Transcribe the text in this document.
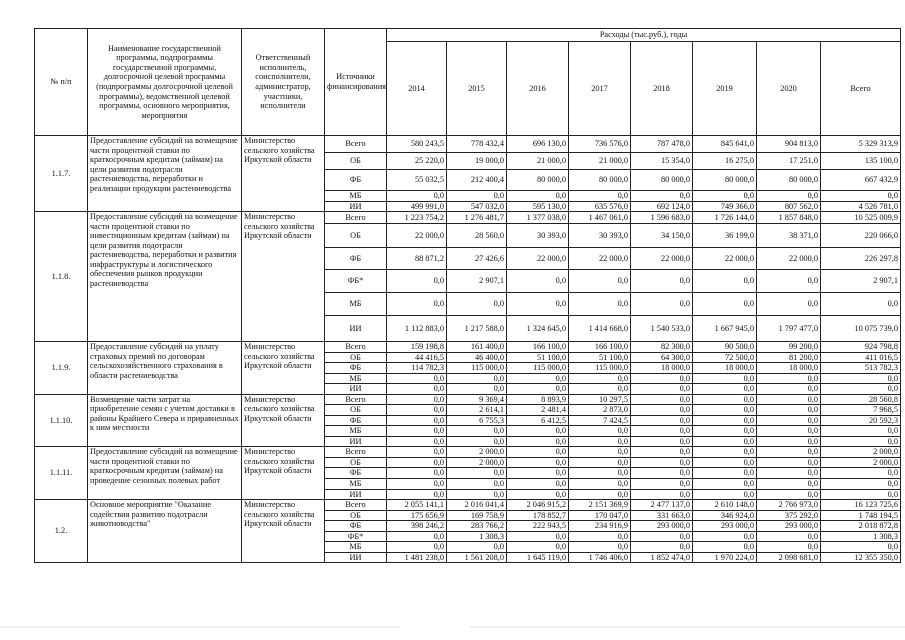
№ п/п	Наименование государственной программы, подпрограммы государственной программы, долгосрочной целевой программы (подпрограммы долгосрочной целевой программы), ведомственной целевой программы, основного мероприятия, мероприятия	Ответственный исполнитель, соисполнители, администратор, участники, исполнители	Источники финансирования	Расходы (тыс.руб.), годы							
				2014	2015	2016	2017	2018	2019	2020	Всего
1.1.7.	Предоставление субсидий на возмещение части процентной ставки по краткосрочным кредитам (займам) на цели развития подотрасли растениеводства, переработки и реализации продукции растениеводства	Министерство сельского хозяйства Иркутской области	Всего	580 243,5	778 432,4	696 130,0	736 576,0	787 478,0	845 641,0	904 813,0	5 329 313,9
			ОБ	25 220,0	19 000,0	21 000,0	21 000,0	15 354,0	16 275,0	17 251,0	135 100,0
			ФБ	55 032,5	212 400,4	80 000,0	80 000,0	80 000,0	80 000,0	80 000,0	667 432,9
			МБ	0,0	0,0	0,0	0,0	0,0	0,0	0,0	0,0
			ИИ	499 991,0	547 032,0	595 130,0	635 576,0	692 124,0	749 366,0	807 562,0	4 526 781,0
1.1.8.	Предоставление субсидий на возмещение части процентной ставки по инвестиционным кредитам (займам) на цели развития подотрасли растениеводства, переработки и развития инфраструктуры и логистического обеспечения рынков продукции растениеводства	Министерство сельского хозяйства Иркутской области	Всего	1 223 754,2	1 276 481,7	1 377 038,0	1 467 061,0	1 596 683,0	1 726 144,0	1 857 848,0	10 525 009,9
			ОБ	22 000,0	28 560,0	30 393,0	30 393,0	34 150,0	36 199,0	38 371,0	220 066,0
			ФБ	88 871,2	27 426,6	22 000,0	22 000,0	22 000,0	22 000,0	22 000,0	226 297,8
			ФБ*	0,0	2 907,1	0,0	0,0	0,0	0,0	0,0	2 907,1
			МБ	0,0	0,0	0,0	0,0	0,0	0,0	0,0	0,0
			ИИ	1 112 883,0	1 217 588,0	1 324 645,0	1 414 668,0	1 540 533,0	1 667 945,0	1 797 477,0	10 075 739,0
1.1.9.	Предоставление субсидий на уплату страховых премий по договорам сельскохозяйственного страхования в области растениеводства	Министерство сельского хозяйства Иркутской области	Всего	159 198,8	161 400,0	166 100,0	166 100,0	82 300,0	90 500,0	99 200,0	924 798,8
			ОБ	44 416,5	46 400,0	51 100,0	51 100,0	64 300,0	72 500,0	81 200,0	411 016,5
			ФБ	114 782,3	115 000,0	115 000,0	115 000,0	18 000,0	18 000,0	18 000,0	513 782,3
			МБ	0,0	0,0	0,0	0,0	0,0	0,0	0,0	0,0
			ИИ	0,0	0,0	0,0	0,0	0,0	0,0	0,0	0,0
1.1.10.	Возмещение части затрат на приобретение семян с учетом доставки в районы Крайнего Севера и приравненных к ним местности	Министерство сельского хозяйства Иркутской области	Всего	0,0	9 369,4	8 893,9	10 297,5	0,0	0,0	0,0	28 560,8
			ОБ	0,0	2 614,1	2 481,4	2 873,0	0,0	0,0	0,0	7 968,5
			ФБ	0,0	6 755,3	6 412,5	7 424,5	0,0	0,0	0,0	20 592,3
			МБ	0,0	0,0	0,0	0,0	0,0	0,0	0,0	0,0
			ИИ	0,0	0,0	0,0	0,0	0,0	0,0	0,0	0,0
1.1.11.	Предоставление субсидий на возмещение части процентной ставки по краткосрочным кредитам (займам) на проведение сезонных полевых работ	Министерство сельского хозяйства Иркутской области	Всего	0,0	2 000,0	0,0	0,0	0,0	0,0	0,0	2 000,0
			ОБ	0,0	2 000,0	0,0	0,0	0,0	0,0	0,0	2 000,0
			ФБ	0,0	0,0	0,0	0,0	0,0	0,0	0,0	0,0
			МБ	0,0	0,0	0,0	0,0	0,0	0,0	0,0	0,0
			ИИ	0,0	0,0	0,0	0,0	0,0	0,0	0,0	0,0
1.2.	Основное мероприятие "Оказание содействия развитию подотрасли животноводства"	Министерство сельского хозяйства Иркутской области	Всего	2 055 141,1	2 016 041,4	2 046 915,2	2 151 369,9	2 477 137,0	2 610 148,0	2 766 973,0	16 123 725,6
			ОБ	175 656,9	169 758,9	178 852,7	170 047,0	331 663,0	346 924,0	375 292,0	1 748 194,5
			ФБ	398 246,2	283 766,2	222 943,5	234 916,9	293 000,0	293 000,0	293 000,0	2 018 872,8
			ФБ*	0,0	1 308,3	0,0	0,0	0,0	0,0	0,0	1 308,3
			МБ	0,0	0,0	0,0	0,0	0,0	0,0	0,0	0,0
			ИИ	1 481 238,0	1 561 208,0	1 645 119,0	1 746 406,0	1 852 474,0	1 970 224,0	2 098 681,0	12 355 350,0
